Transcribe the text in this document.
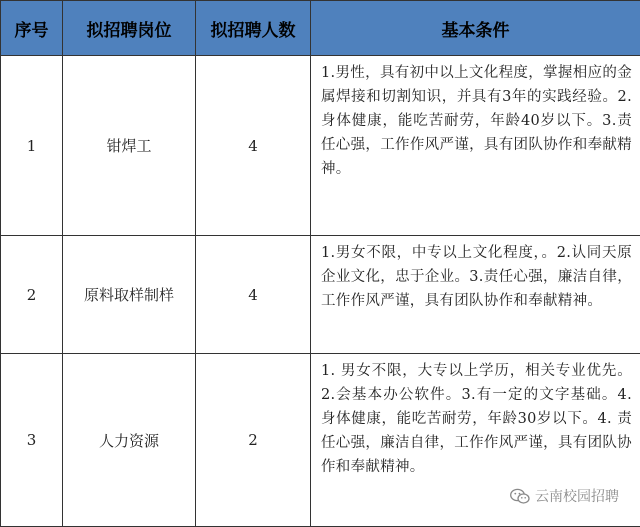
序号	拟招聘岗位	拟招聘人数	基本条件
1	钳焊工	4	1.男性，具有初中以上文化程度，掌握相应的金属焊接和切割知识，并具有3年的实践经验。2.身体健康，能吃苦耐劳，年龄40岁以下。3.责任心强，工作作风严谨，具有团队协作和奉献精神。
2	原料取样制样	4	1.男女不限，中专以上文化程度，。2.认同天原企业文化，忠于企业。3.责任心强，廉洁自律，工作作风严谨，具有团队协作和奉献精神。
3	人力资源	2	1. 男女不限，大专以上学历，相关专业优先。2.会基本办公软件。3.有一定的文字基础。4. 身体健康，能吃苦耐劳，年龄30岁以下。4. 责任心强，廉洁自律，工作作风严谨，具有团队协作和奉献精神。
云南校园招聘
